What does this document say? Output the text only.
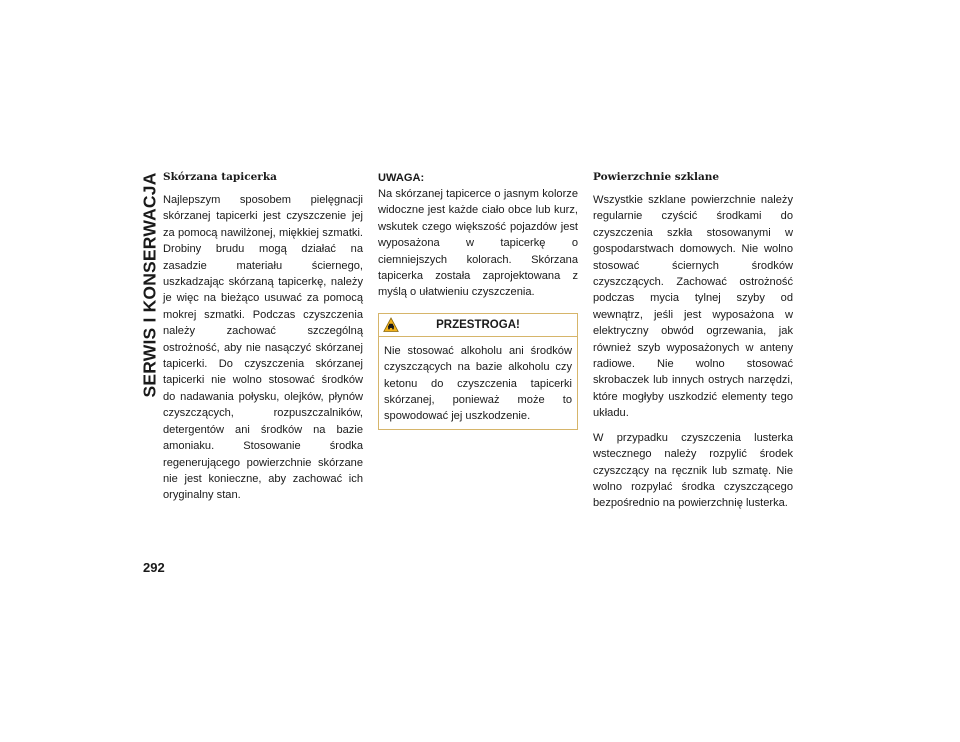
SERWIS I KONSERWACJA
292
Skórzana tapicerka

Najlepszym sposobem pielęgnacji skórzanej tapicerki jest czyszczenie jej za pomocą nawilżonej, miękkiej szmatki. Drobiny brudu mogą działać na zasadzie materiału ściernego, uszkadzając skórzaną tapicerkę, należy je więc na bieżąco usuwać za pomocą mokrej szmatki. Podczas czyszczenia należy zachować szczególną ostrożność, aby nie nasączyć skórzanej tapicerki. Do czyszczenia skórzanej tapicerki nie wolno stosować środków do nadawania połysku, olejków, płynów czyszczących, rozpuszczalników, detergentów ani środków na bazie amoniaku. Stosowanie środka regenerującego powierzchnie skórzane nie jest konieczne, aby zachować ich oryginalny stan.

UWAGA:

Na skórzanej tapicerce o jasnym kolorze widoczne jest każde ciało obce lub kurz, wskutek czego większość pojazdów jest wyposażona w tapicerkę o ciemniejszych kolorach. Skórzana tapicerka została zaprojektowana z myślą o ułatwieniu czyszczenia.

PRZESTROGA!

Nie stosować alkoholu ani środków czyszczących na bazie alkoholu czy ketonu do czyszczenia tapicerki skórzanej, ponieważ może to spowodować jej uszkodzenie.

Powierzchnie szklane

Wszystkie szklane powierzchnie należy regularnie czyścić środkami do czyszczenia szkła stosowanymi w gospodarstwach domowych. Nie wolno stosować ściernych środków czyszczących. Zachować ostrożność podczas mycia tylnej szyby od wewnątrz, jeśli jest wyposażona w elektryczny obwód ogrzewania, jak również szyb wyposażonych w anteny radiowe. Nie wolno stosować skrobaczek lub innych ostrych narzędzi, które mogłyby uszkodzić elementy tego układu.

W przypadku czyszczenia lusterka wstecznego należy rozpylić środek czyszczący na ręcznik lub szmatę. Nie wolno rozpylać środka czyszczącego bezpośrednio na powierzchnię lusterka.
